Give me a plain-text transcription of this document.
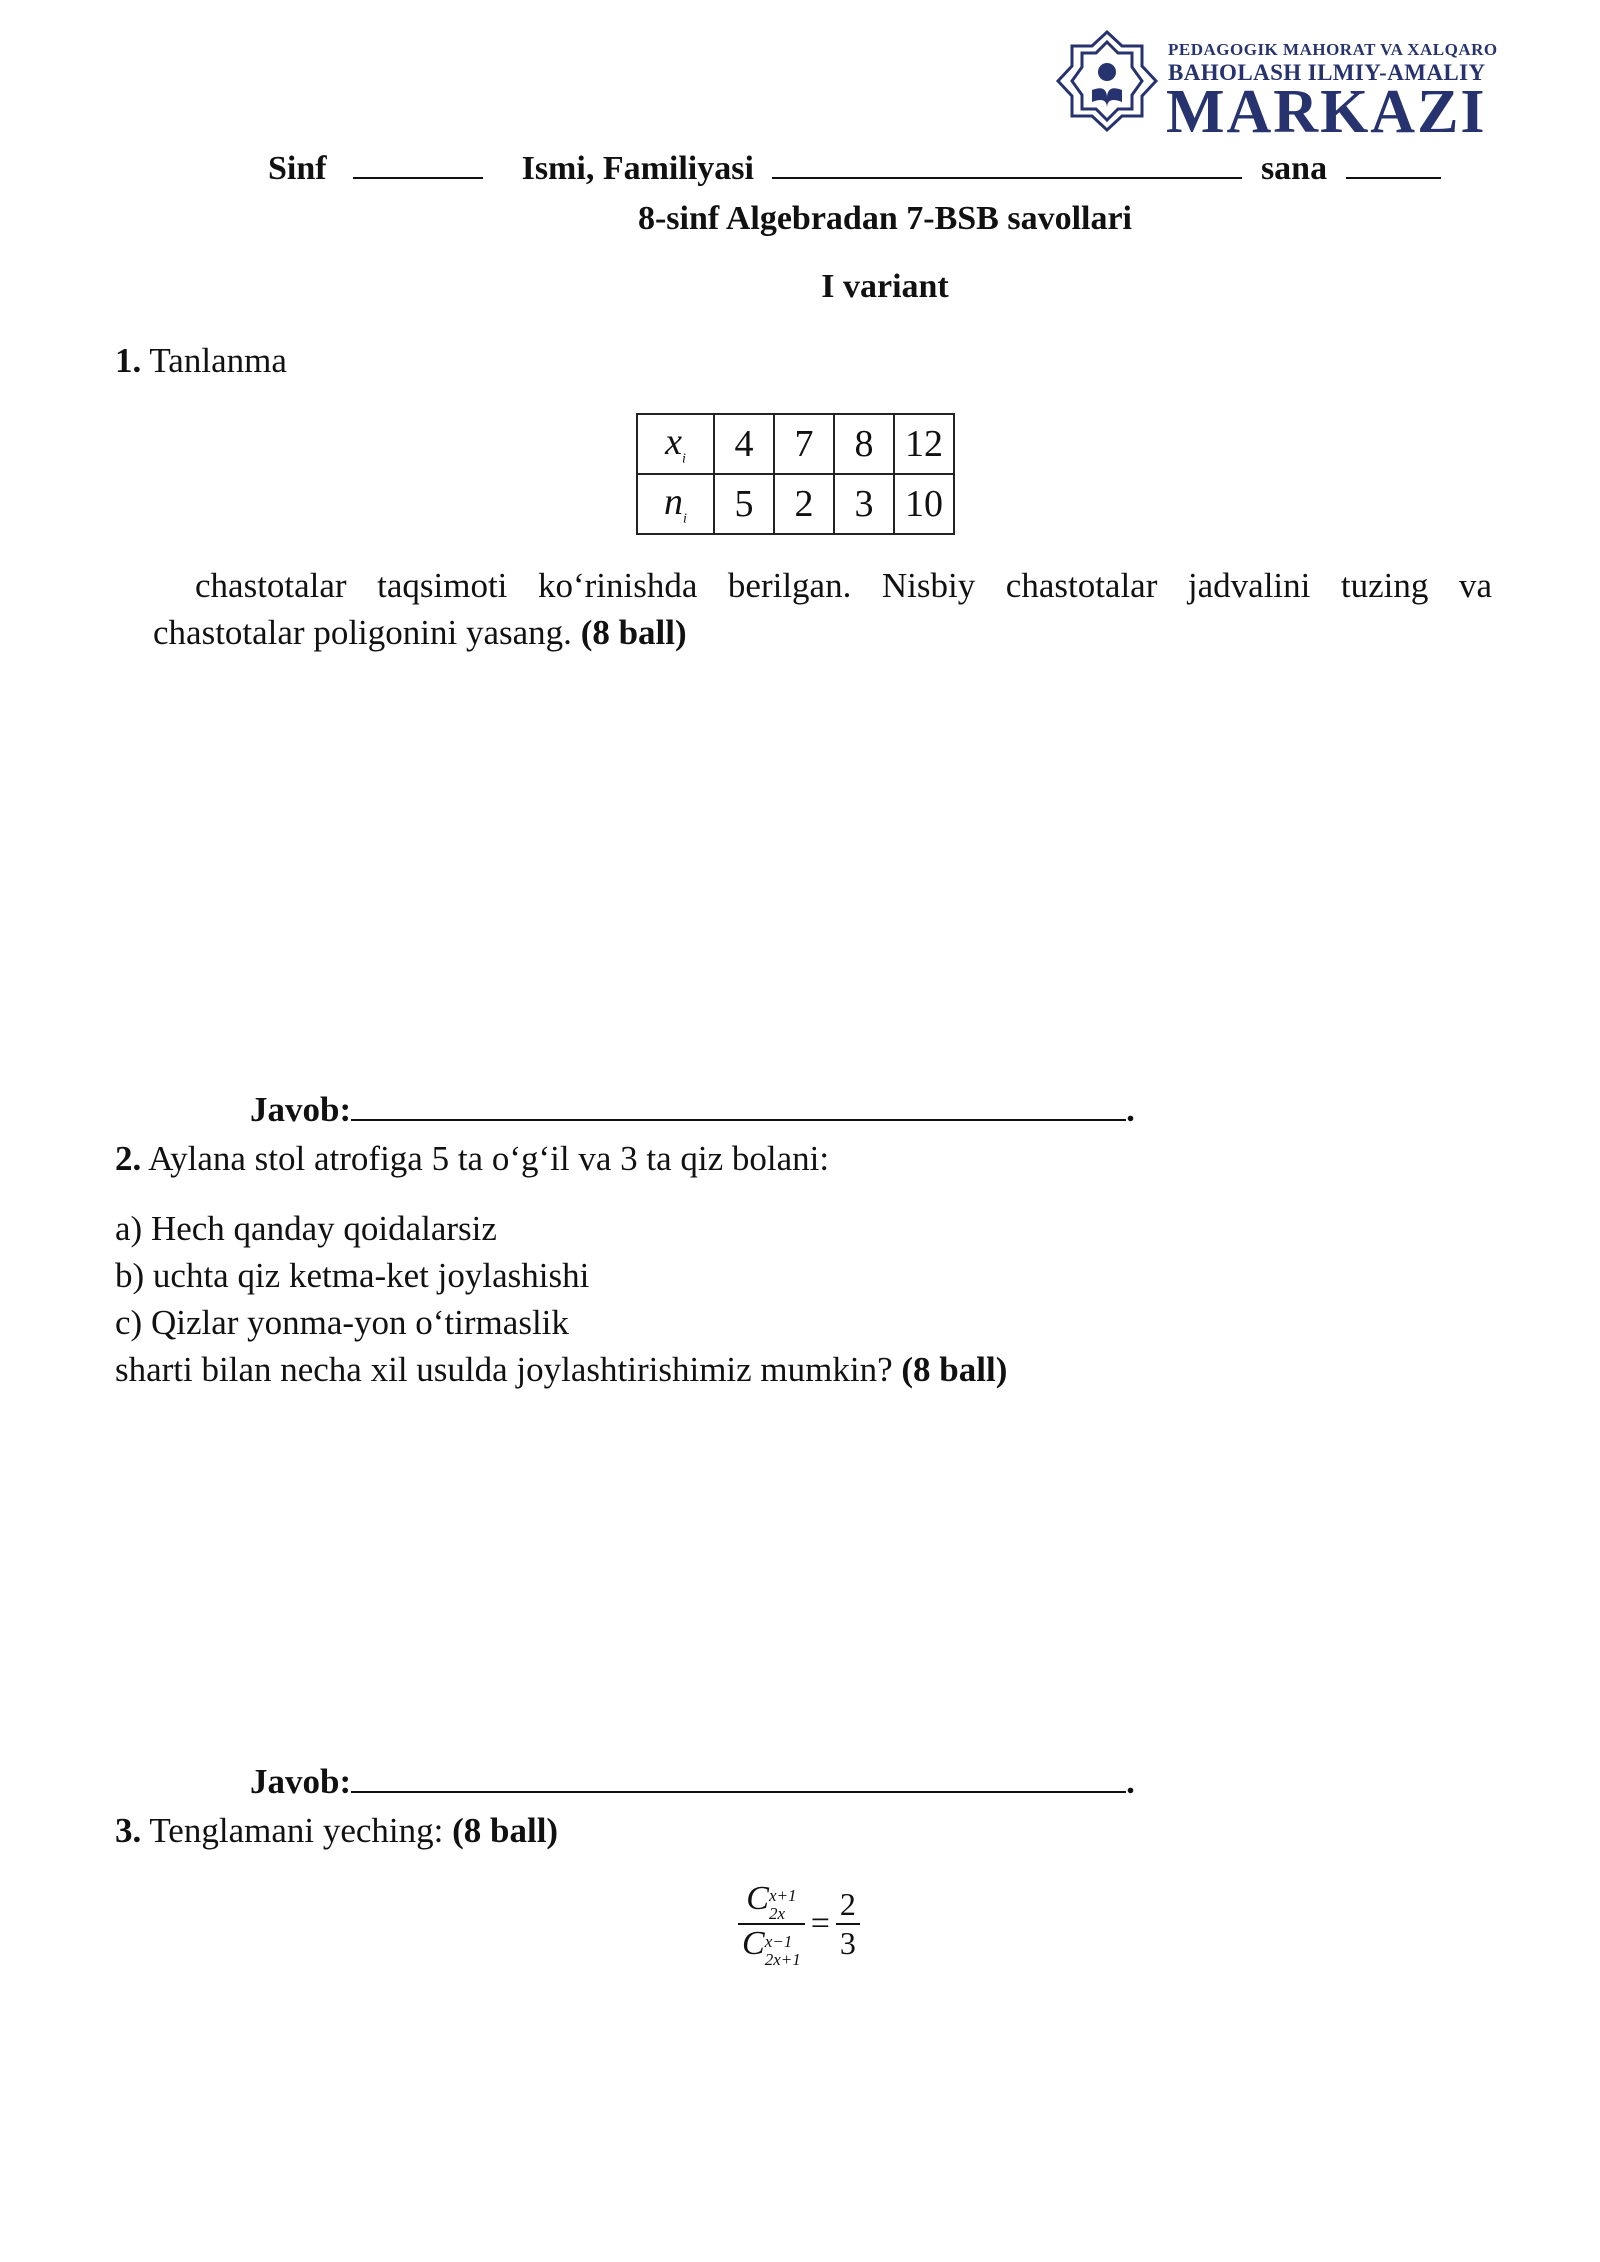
PEDAGOGIK MAHORAT VA XALQARO
BAHOLASH ILMIY-AMALIY
MARKAZI
Sinf	Ismi, Familiyasi	sana
8-sinf Algebradan 7-BSB savollari
I variant
1. Tanlanma
$x_i$	4	7	8	12
$n_i$	5	2	3	10
chastotalar taqsimoti ko‘rinishda berilgan. Nisbiy chastotalar jadvalini tuzing va
chastotalar poligonini yasang. (8 ball)
Javob:	.
2. Aylana stol atrofiga 5 ta o‘g‘il va 3 ta qiz bolani:
a) Hech qanday qoidalarsiz
b) uchta qiz ketma-ket joylashishi
c) Qizlar yonma-yon o‘tirmaslik
sharti bilan necha xil usulda joylashtirishimiz mumkin? (8 ball)
Javob:	.
3. Tenglamani yeching: (8 ball)
C x+1
2x
C x−1
$2x+1 = \frac{2}{3}$
